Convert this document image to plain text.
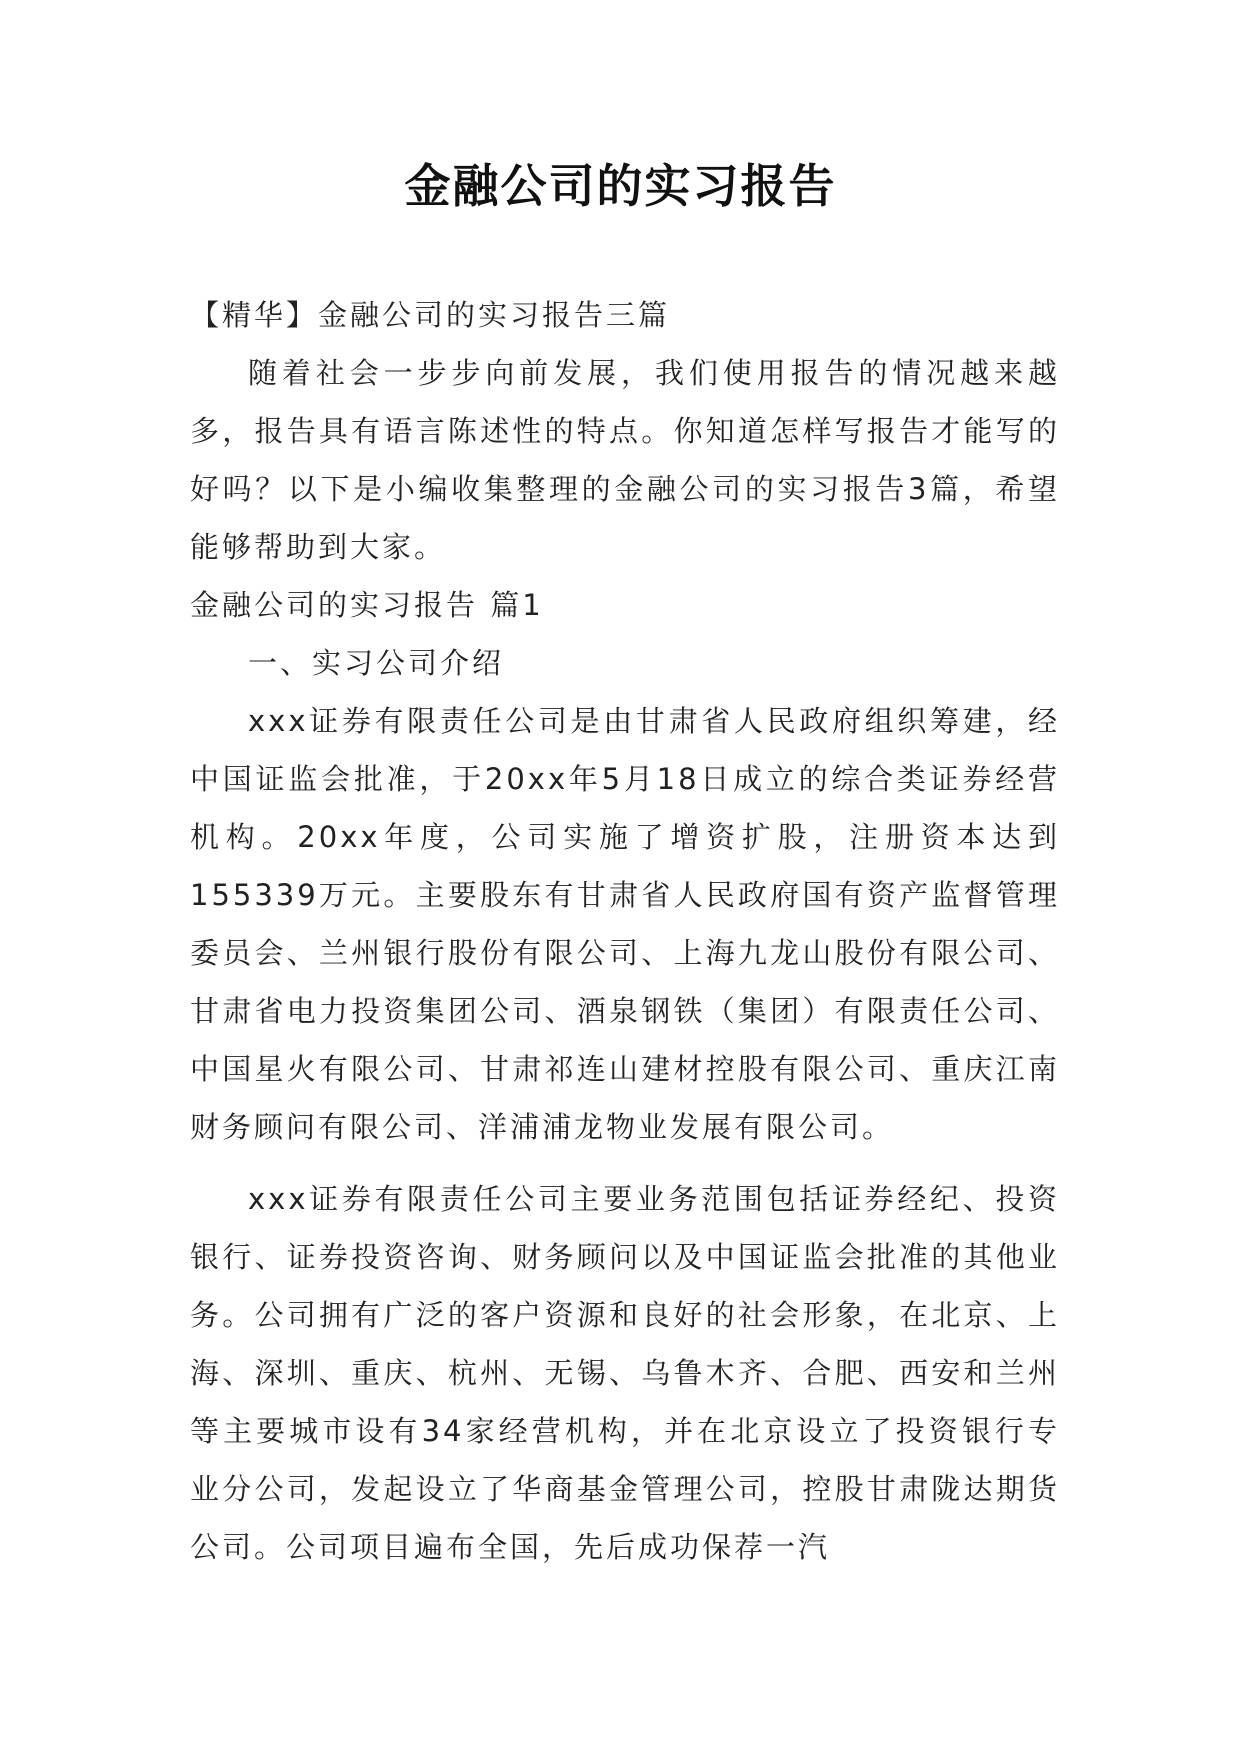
金融公司的实习报告

【精华】金融公司的实习报告三篇

随着社会一步步向前发展，我们使用报告的情况越来越多，报告具有语言陈述性的特点。你知道怎样写报告才能写的好吗？以下是小编收集整理的金融公司的实习报告3篇，希望能够帮助到大家。

金融公司的实习报告 篇1

一、实习公司介绍

xxx证券有限责任公司是由甘肃省人民政府组织筹建，经中国证监会批准，于20xx年5月18日成立的综合类证券经营机构。20xx年度，公司实施了增资扩股，注册资本达到155339万元。主要股东有甘肃省人民政府国有资产监督管理委员会、兰州银行股份有限公司、上海九龙山股份有限公司、甘肃省电力投资集团公司、酒泉钢铁（集团）有限责任公司、中国星火有限公司、甘肃祁连山建材控股有限公司、重庆江南财务顾问有限公司、洋浦浦龙物业发展有限公司。

xxx证券有限责任公司主要业务范围包括证券经纪、投资银行、证券投资咨询、财务顾问以及中国证监会批准的其他业务。公司拥有广泛的客户资源和良好的社会形象，在北京、上海、深圳、重庆、杭州、无锡、乌鲁木齐、合肥、西安和兰州等主要城市设有34家经营机构，并在北京设立了投资银行专业分公司，发起设立了华商基金管理公司，控股甘肃陇达期货公司。公司项目遍布全国，先后成功保荐一汽
